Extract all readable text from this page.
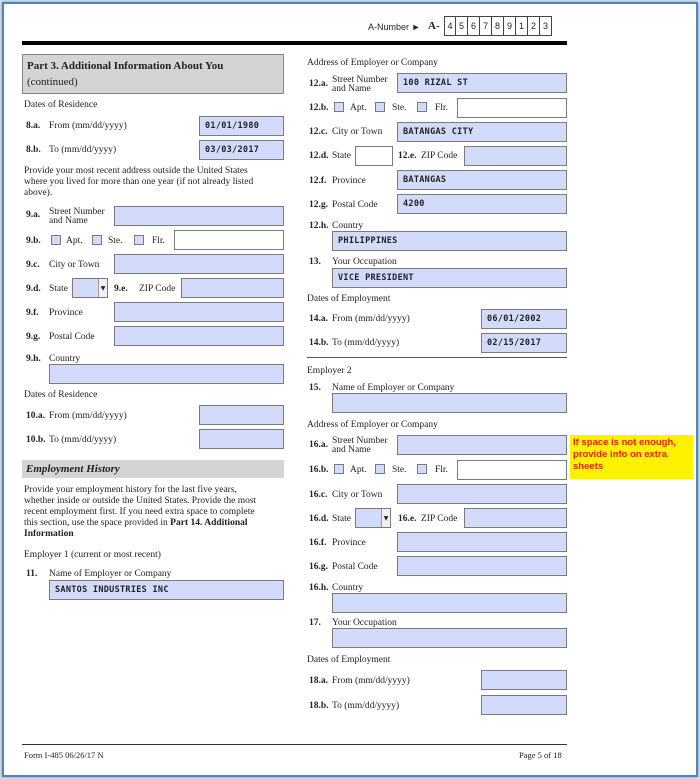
A-Number ► A- 4 5 6 7 8 9 1 2 3
Part 3. Additional Information About You
(continued)
Dates of Residence
8.a. From (mm/dd/yyyy)	01/01/1980
8.b. To (mm/dd/yyyy)	03/03/2017
Provide your most recent address outside the United States
where you lived for more than one year (if not already listed
above).
9.a. Street Number
and Name
9.b.	Apt.	Ste.	Flr.
9.c. City or Town
9.d. State	▼ 9.e. ZIP Code
9.f. Province
9.g. Postal Code
9.h. Country
Dates of Residence
10.a. From (mm/dd/yyyy)
10.b. To (mm/dd/yyyy)
Employment History
Provide your employment history for the last five years,
whether inside or outside the United States. Provide the most
recent employment first. If you need extra space to complete
this section, use the space provided in Part 14. Additional
Information
Employer 1 (current or most recent)
11. Name of Employer or Company
SANTOS INDUSTRIES INC
Address of Employer or Company
12.a. Street Number
and Name
100 RIZAL ST
12.b. Apt.	Ste.	Flr.
12.c. City or Town	BATANGAS CITY
12.d. State	12.e. ZIP Code
12.f. Province	BATANGAS
12.g. Postal Code	4200
12.h. Country
PHILIPPINES
13. Your Occupation
VICE PRESIDENT
Dates of Employment
14.a. From (mm/dd/yyyy)	06/01/2002
14.b. To (mm/dd/yyyy)	02/15/2017
Employer 2
15. Name of Employer or Company
Address of Employer or Company
16.a. Street Number
and Name
16.b. Apt.	Ste.	Flr.
16.c. City or Town
16.d. State	▼ 16.e. ZIP Code
16.f. Province
16.g. Postal Code
16.h. Country
17. Your Occupation
Dates of Employment
18.a. From (mm/dd/yyyy)
18.b. To (mm/dd/yyyy)
If space is not enough,
provide info on extra
sheets
Form I-485 06/26/17 N	Page 5 of 18
